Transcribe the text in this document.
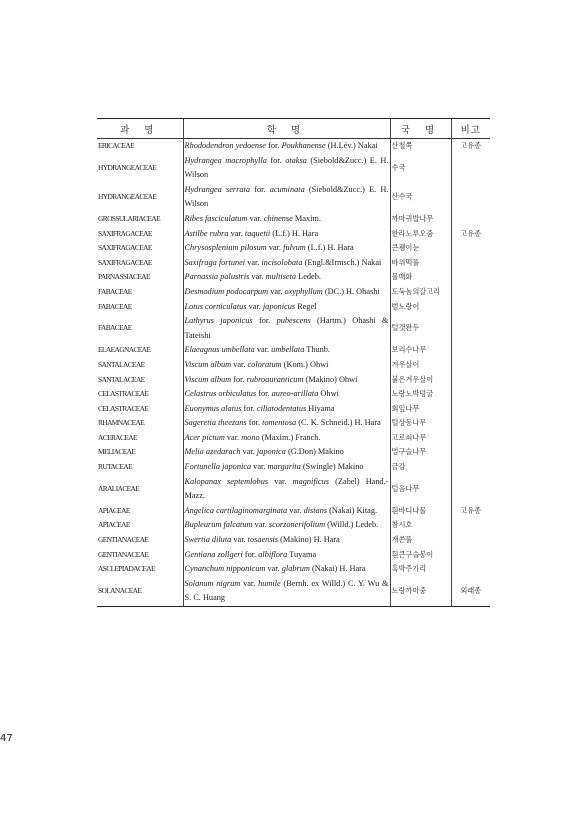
과 명	학 명	국 명	비고
ERICACEAE	Rhododendron yedoense for. Poukhanense (H.Lév.) Nakai	산철쭉	고유종
HYDRANGEACEAE	Hydrangea macrophylla for. otaksa (Siebold&Zucc.) E. H. Wilson	수국	
HYDRANGEACEAE	Hydrangea serrata for. acuminata (Siebold&Zucc.) E. H. Wilson	산수국	
GROSSULARIACEAE	Ribes fasciculatum var. chinense Maxim.	까마귀밥나무	
SAXIFRAGACEAE	Astilbe rubra var. taquetii (L.f.) H. Hara	한라노루오줌	고유종
SAXIFRAGACEAE	Chrysosplenium pilosum var. fulvum (L.f.) H. Hara	큰괭이눈	
SAXIFRAGACEAE	Saxifraga fortunei var. incisolobata (Engl.&Irmsch.) Nakai	바위떡풀	
PARNASSIACEAE	Parnassia palustris var. multiseta Ledeb.	물매화	
FABACEAE	Desmodium podocarpum var. oxyphyllum (DC.) H. Ohashi	도둑놈의갈고리	
FABACEAE	Lotus corniculatus var. japonicus Regel	벌노랑이	
FABACEAE	Lathyrus japonicus for. pubescens (Hartm.) Ohashi & Tateishi	털갯완두	
ELAEAGNACEAE	Elaeagnus umbellata var. umbellata Thunb.	보리수나무	
SANTALACEAE	Viscum album var. coloratum (Kom.) Ohwi	겨우살이	
SANTALACEAE	Viscum album for. rubroauranticum (Makino) Ohwi	붉은겨우살이	
CELASTRACEAE	Celastrus orbiculatus for. aureo-arillata Ohwi	노랑노박덩굴	
CELASTRACEAE	Euonymus alatus for. ciliatodentatus Hiyama	회잎나무	
RHAMNACEAE	Sageretia theezans for. tomentosa (C. K. Schneid.) H. Hara	털상동나무	
ACERACEAE	Acer pictum var. mono (Maxim.) Franch.	고로쇠나무	
MELIACEAE	Melia azedarach var. japonica (G.Don) Makino	멀구슬나무	
RUTACEAE	Fortunella japonica var. margarita (Swingle) Makino	금감	
ARALIACEAE	Kalopanax septemlobus var. magnificus (Zabel) Hand.-Mazz.	털음나무	
APIACEAE	Angelica cartilaginomarginata var. distans (Nakai) Kitag.	흰바디나물	고유종
APIACEAE	Bupleurum falcatum var. scorzonerifolium (Willd.) Ledeb.	참시호	
GENTIANACEAE	Swertia diluta var. tosaensis (Makino) H. Hara	개쓴풀	
GENTIANACEAE	Gentiana zollgeri for. albiflora Tuyama	흰큰구슬봉이	
ASCLEPIADACEAE	Cynanchum nipponicum var. glabrum (Nakai) H. Hara	흑박주가리	
SOLANACEAE	Solanum nigrum var. humile (Bernh. ex Willd.) C. Y. Wu & S. C. Huang	노랑까마중	외래종
47
